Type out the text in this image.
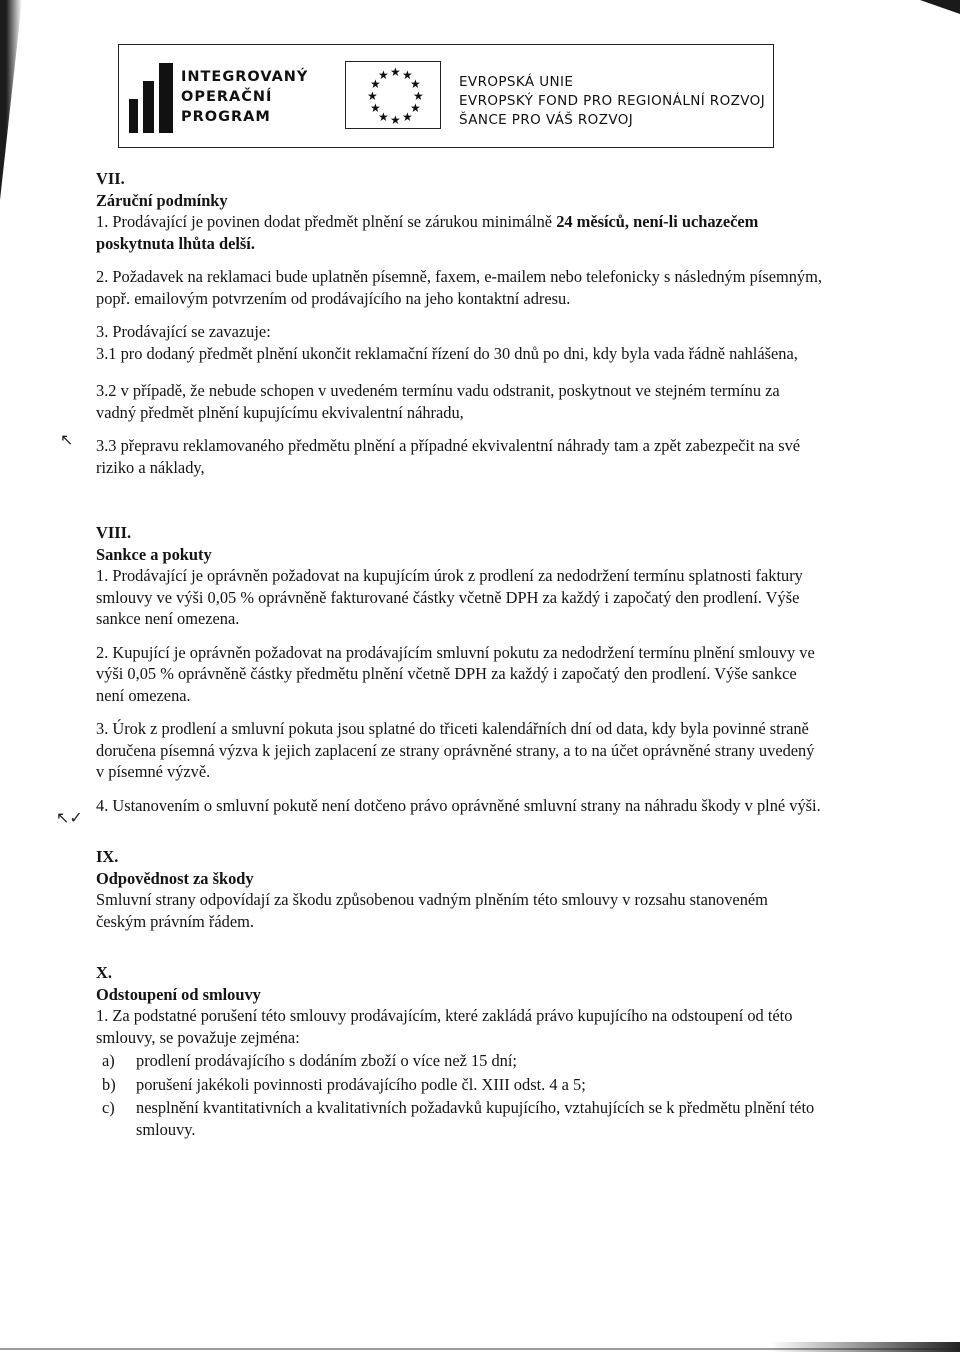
INTEGROVANÝ
OPERAČNÍ
PROGRAM
★ ★
★
★
★
★
★
★
★
★
★
★	EVROPSKÁ UNIE
EVROPSKÝ FOND PRO REGIONÁLNÍ ROZVOJ
ŠANCE PRO VÁŠ ROZVOJ

VII.

Záruční podmínky

1. Prodávající je povinen dodat předmět plnění se zárukou minimálně 24 měsíců, není-li uchazečem poskytnuta lhůta delší.

2. Požadavek na reklamaci bude uplatněn písemně, faxem, e-mailem nebo telefonicky s následným písemným, popř. emailovým potvrzením od prodávajícího na jeho kontaktní adresu.

3. Prodávající se zavazuje:

3.1 pro dodaný předmět plnění ukončit reklamační řízení do 30 dnů po dni, kdy byla vada řádně nahlášena,

3.2 v případě, že nebude schopen v uvedeném termínu vadu odstranit, poskytnout ve stejném termínu za vadný předmět plnění kupujícímu ekvivalentní náhradu,

3.3 přepravu reklamovaného předmětu plnění a případné ekvivalentní náhrady tam a zpět zabezpečit na své riziko a náklady,

VIII.

Sankce a pokuty

1. Prodávající je oprávněn požadovat na kupujícím úrok z prodlení za nedodržení termínu splatnosti faktury smlouvy ve výši 0,05 % oprávněně fakturované částky včetně DPH za každý i započatý den prodlení. Výše sankce není omezena.

2. Kupující je oprávněn požadovat na prodávajícím smluvní pokutu za nedodržení termínu plnění smlouvy ve výši 0,05 % oprávněně částky předmětu plnění včetně DPH za každý i započatý den prodlení. Výše sankce není omezena.

3. Úrok z prodlení a smluvní pokuta jsou splatné do třiceti kalendářních dní od data, kdy byla povinné straně doručena písemná výzva k jejich zaplacení ze strany oprávněné strany, a to na účet oprávněné strany uvedený v písemné výzvě.

4. Ustanovením o smluvní pokutě není dotčeno právo oprávněné smluvní strany na náhradu škody v plné výši.

IX.

Odpovědnost za škody

Smluvní strany odpovídají za škodu způsobenou vadným plněním této smlouvy v rozsahu stanoveném českým právním řádem.

X.

Odstoupení od smlouvy

1. Za podstatné porušení této smlouvy prodávajícím, které zakládá právo kupujícího na odstoupení od této smlouvy, se považuje zejména:

a)	prodlení prodávajícího s dodáním zboží o více než 15 dní;
b)	porušení jakékoli povinnosti prodávajícího podle čl. XIII odst. 4 a 5;
c)	nesplnění kvantitativních a kvalitativních požadavků kupujícího, vztahujících se k předmětu plnění této smlouvy.
↖
↖✓
